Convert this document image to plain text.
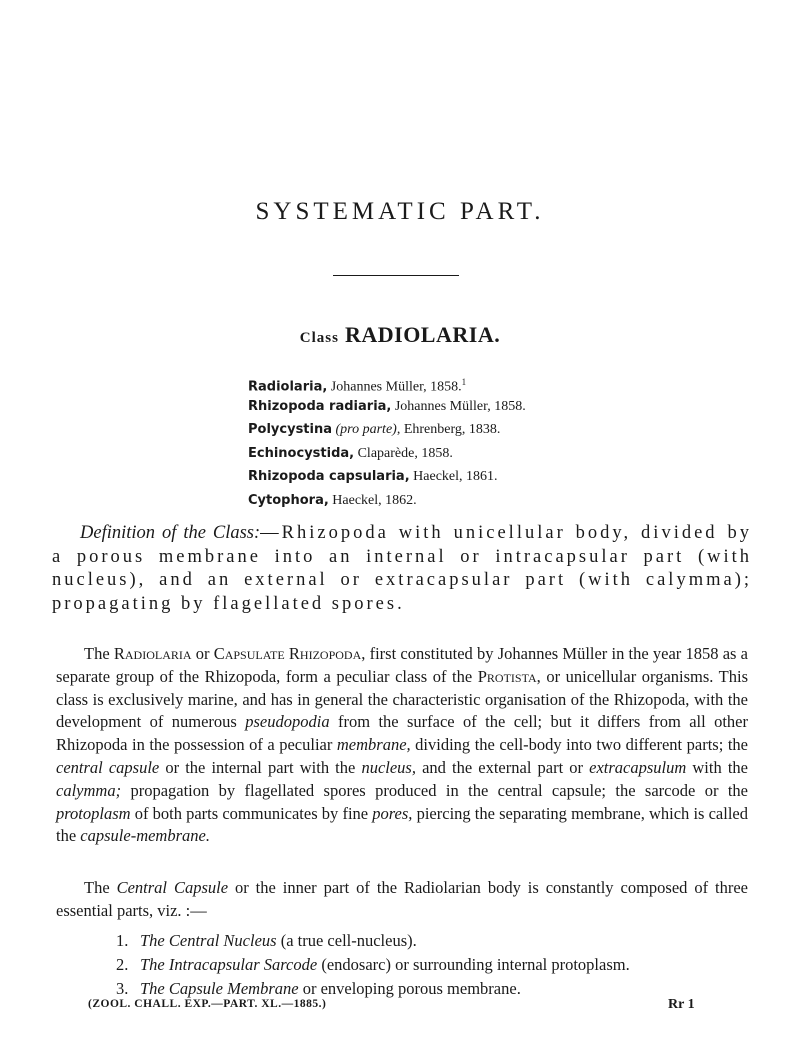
SYSTEMATIC PART.
Class RADIOLARIA.
Radiolaria, Johannes Müller, 1858.$^1$
Rhizopoda radiaria, Johannes Müller, 1858.
Polycystina (pro parte), Ehrenberg, 1838.
Echinocystida, Claparède, 1858.
Rhizopoda capsularia, Haeckel, 1861.
Cytophora, Haeckel, 1862.
Definition of the Class:—Rhizopoda with unicellular body, divided by a porous membrane into an internal or intracapsular part (with nucleus), and an external or extracapsular part (with calymma); propagating by flagellated spores.

The Radiolaria or Capsulate Rhizopoda, first constituted by Johannes Müller in the year 1858 as a separate group of the Rhizopoda, form a peculiar class of the Protista, or unicellular organisms. This class is exclusively marine, and has in general the characteristic organisation of the Rhizopoda, with the development of numerous pseudopodia from the surface of the cell; but it differs from all other Rhizopoda in the possession of a peculiar membrane, dividing the cell-body into two different parts; the central capsule or the internal part with the nucleus, and the external part or extracapsulum with the calymma; propagation by flagellated spores produced in the central capsule; the sarcode or the protoplasm of both parts communicates by fine pores, piercing the separating membrane, which is called the capsule-membrane.

The Central Capsule or the inner part of the Radiolarian body is constantly composed of three essential parts, viz. :—

1. The Central Nucleus (a true cell-nucleus).
2. The Intracapsular Sarcode (endosarc) or surrounding internal protoplasm.
3. The Capsule Membrane or enveloping porous membrane.
(ZOOL. CHALL. EXP.—PART. XL.—1885.)	Rr 1
